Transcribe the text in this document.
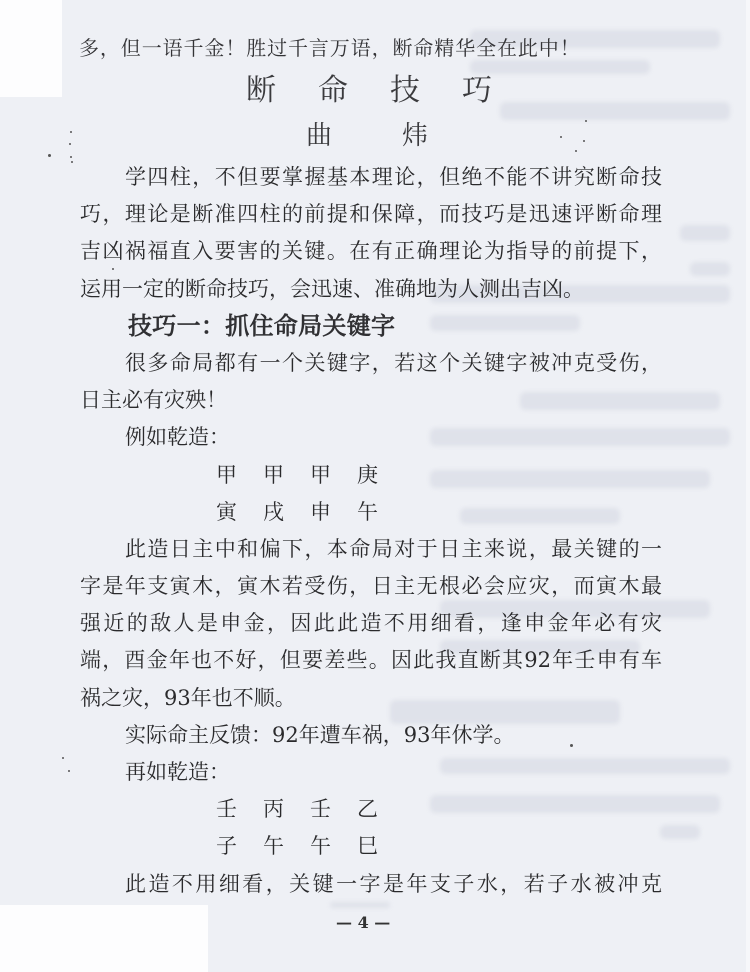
多，但一语千金！胜过千言万语，断命精华全在此中！
断命技巧
曲炜
学四柱，不但要掌握基本理论，但绝不能不讲究断命技
巧，理论是断准四柱的前提和保障，而技巧是迅速评断命理
吉凶祸福直入要害的关键。在有正确理论为指导的前提下，
运用一定的断命技巧，会迅速、准确地为人测出吉凶。
技巧一：抓住命局关键字
很多命局都有一个关键字，若这个关键字被冲克受伤，
日主必有灾殃！
例如乾造：
甲 甲 甲 庚
寅 戌 申 午
此造日主中和偏下，本命局对于日主来说，最关键的一
字是年支寅木，寅木若受伤，日主无根必会应灾，而寅木最
强近的敌人是申金，因此此造不用细看，逢申金年必有灾
端，酉金年也不好，但要差些。因此我直断其92年壬申有车
祸之灾，93年也不顺。
实际命主反馈：92年遭车祸，93年休学。
再如乾造：
壬 丙 壬 乙
子 午 午 巳
此造不用细看，关键一字是年支子水，若子水被冲克
— 4 —
